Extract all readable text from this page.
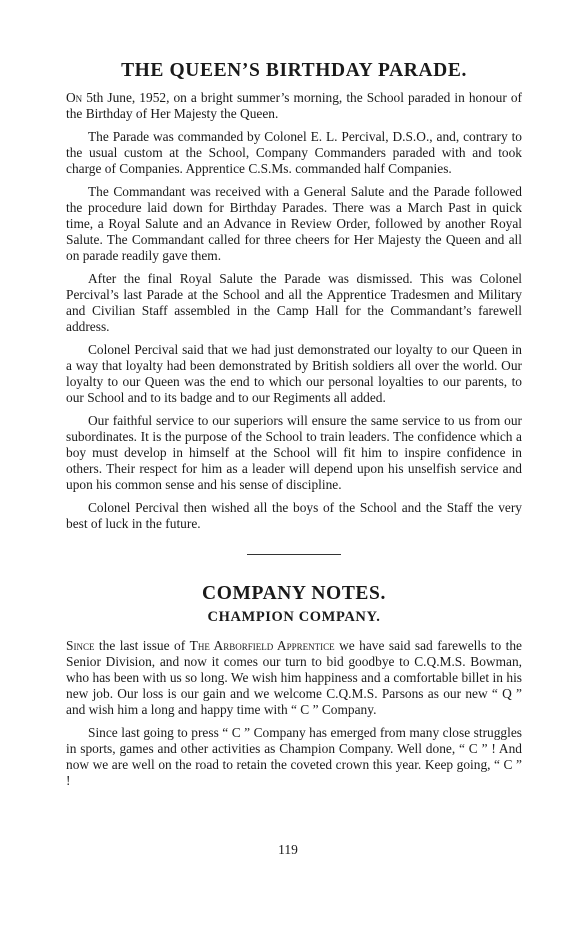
THE QUEEN’S BIRTHDAY PARADE.

On 5th June, 1952, on a bright summer’s morning, the School paraded in honour of the Birthday of Her Majesty the Queen.

The Parade was commanded by Colonel E. L. Percival, D.S.O., and, contrary to the usual custom at the School, Company Commanders paraded with and took charge of Companies. Apprentice C.S.Ms. commanded half Companies.

The Commandant was received with a General Salute and the Parade followed the procedure laid down for Birthday Parades. There was a March Past in quick time, a Royal Salute and an Advance in Review Order, followed by another Royal Salute. The Commandant called for three cheers for Her Majesty the Queen and all on parade readily gave them.

After the final Royal Salute the Parade was dismissed. This was Colonel Percival’s last Parade at the School and all the Apprentice Tradesmen and Military and Civilian Staff assembled in the Camp Hall for the Commandant’s farewell address.

Colonel Percival said that we had just demonstrated our loyalty to our Queen in a way that loyalty had been demonstrated by British soldiers all over the world. Our loyalty to our Queen was the end to which our personal loyalties to our parents, to our School and to its badge and to our Regiments all added.

Our faithful service to our superiors will ensure the same service to us from our subordinates. It is the purpose of the School to train leaders. The confidence which a boy must develop in himself at the School will fit him to inspire confidence in others. Their respect for him as a leader will depend upon his unselfish service and upon his common sense and his sense of discipline.

Colonel Percival then wished all the boys of the School and the Staff the very best of luck in the future.

COMPANY NOTES.
CHAMPION COMPANY.

Since the last issue of The Arborfield Apprentice we have said sad farewells to the Senior Division, and now it comes our turn to bid goodbye to C.Q.M.S. Bowman, who has been with us so long. We wish him happiness and a comfortable billet in his new job. Our loss is our gain and we welcome C.Q.M.S. Parsons as our new “ Q ” and wish him a long and happy time with “ C ” Company.

Since last going to press “ C ” Company has emerged from many close struggles in sports, games and other activities as Champion Company. Well done, “ C ” ! And now we are well on the road to retain the coveted crown this year. Keep going, “ C ” !

119
